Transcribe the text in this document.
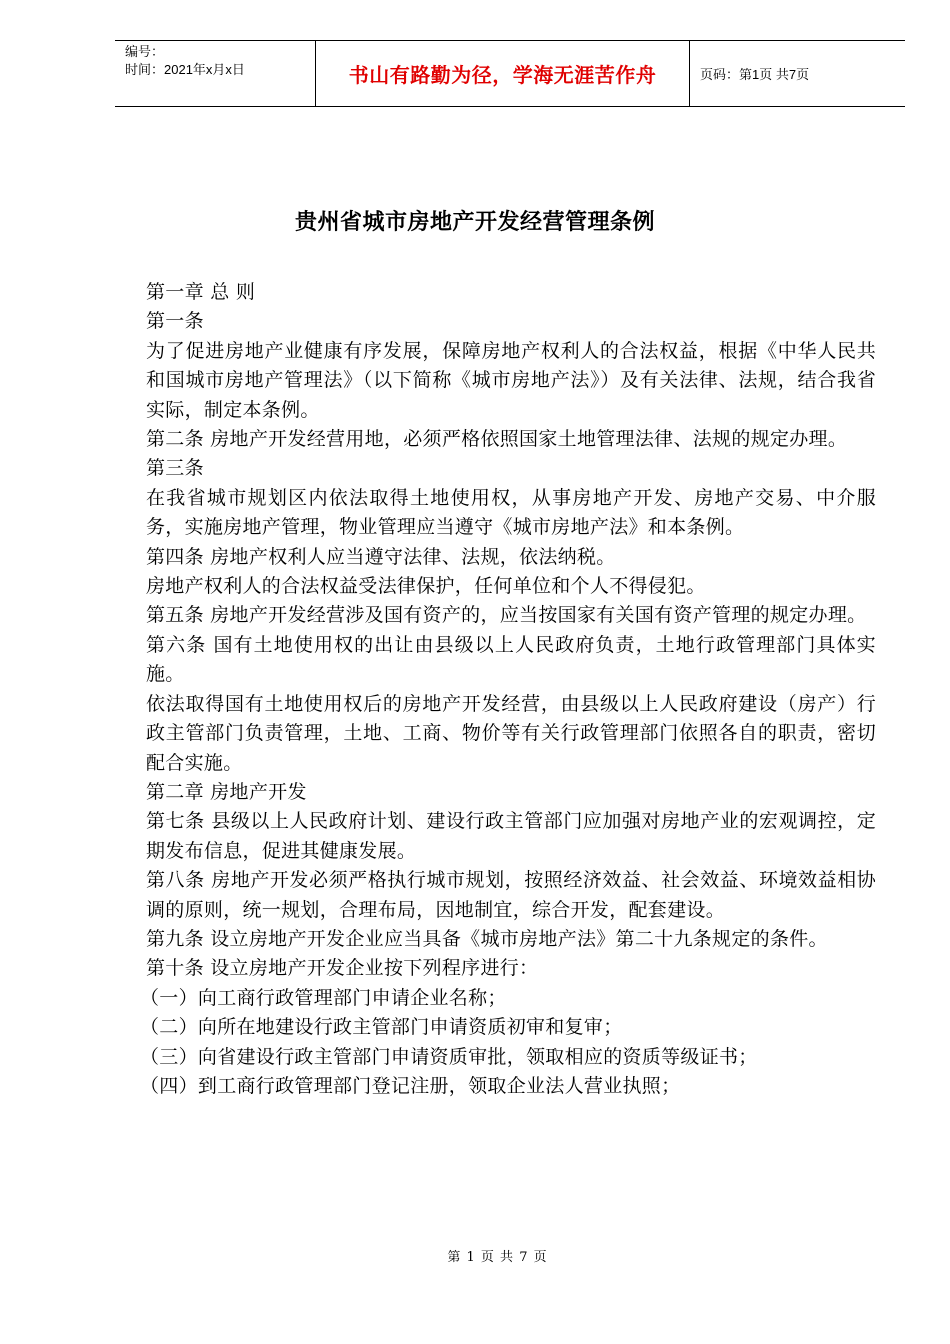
编号：
时间：2021年x月x日	书山有路勤为径，学海无涯苦作舟	页码：第1页 共7页
贵州省城市房地产开发经营管理条例

第一章 总 则

第一条

为了促进房地产业健康有序发展，保障房地产权利人的合法权益，根据《中华人民共和国城市房地产管理法》（以下简称《城市房地产法》）及有关法律、法规，结合我省实际，制定本条例。

第二条 房地产开发经营用地，必须严格依照国家土地管理法律、法规的规定办理。

第三条

在我省城市规划区内依法取得土地使用权，从事房地产开发、房地产交易、中介服务，实施房地产管理，物业管理应当遵守《城市房地产法》和本条例。

第四条 房地产权利人应当遵守法律、法规，依法纳税。

房地产权利人的合法权益受法律保护，任何单位和个人不得侵犯。

第五条 房地产开发经营涉及国有资产的，应当按国家有关国有资产管理的规定办理。

第六条 国有土地使用权的出让由县级以上人民政府负责，土地行政管理部门具体实施。

依法取得国有土地使用权后的房地产开发经营，由县级以上人民政府建设（房产）行政主管部门负责管理，土地、工商、物价等有关行政管理部门依照各自的职责，密切配合实施。

第二章 房地产开发

第七条 县级以上人民政府计划、建设行政主管部门应加强对房地产业的宏观调控，定期发布信息，促进其健康发展。

第八条 房地产开发必须严格执行城市规划，按照经济效益、社会效益、环境效益相协调的原则，统一规划，合理布局，因地制宜，综合开发，配套建设。

第九条 设立房地产开发企业应当具备《城市房地产法》第二十九条规定的条件。

第十条 设立房地产开发企业按下列程序进行：

（一）向工商行政管理部门申请企业名称；

（二）向所在地建设行政主管部门申请资质初审和复审；

（三）向省建设行政主管部门申请资质审批，领取相应的资质等级证书；

（四）到工商行政管理部门登记注册，领取企业法人营业执照；

第 1 页 共 7 页
